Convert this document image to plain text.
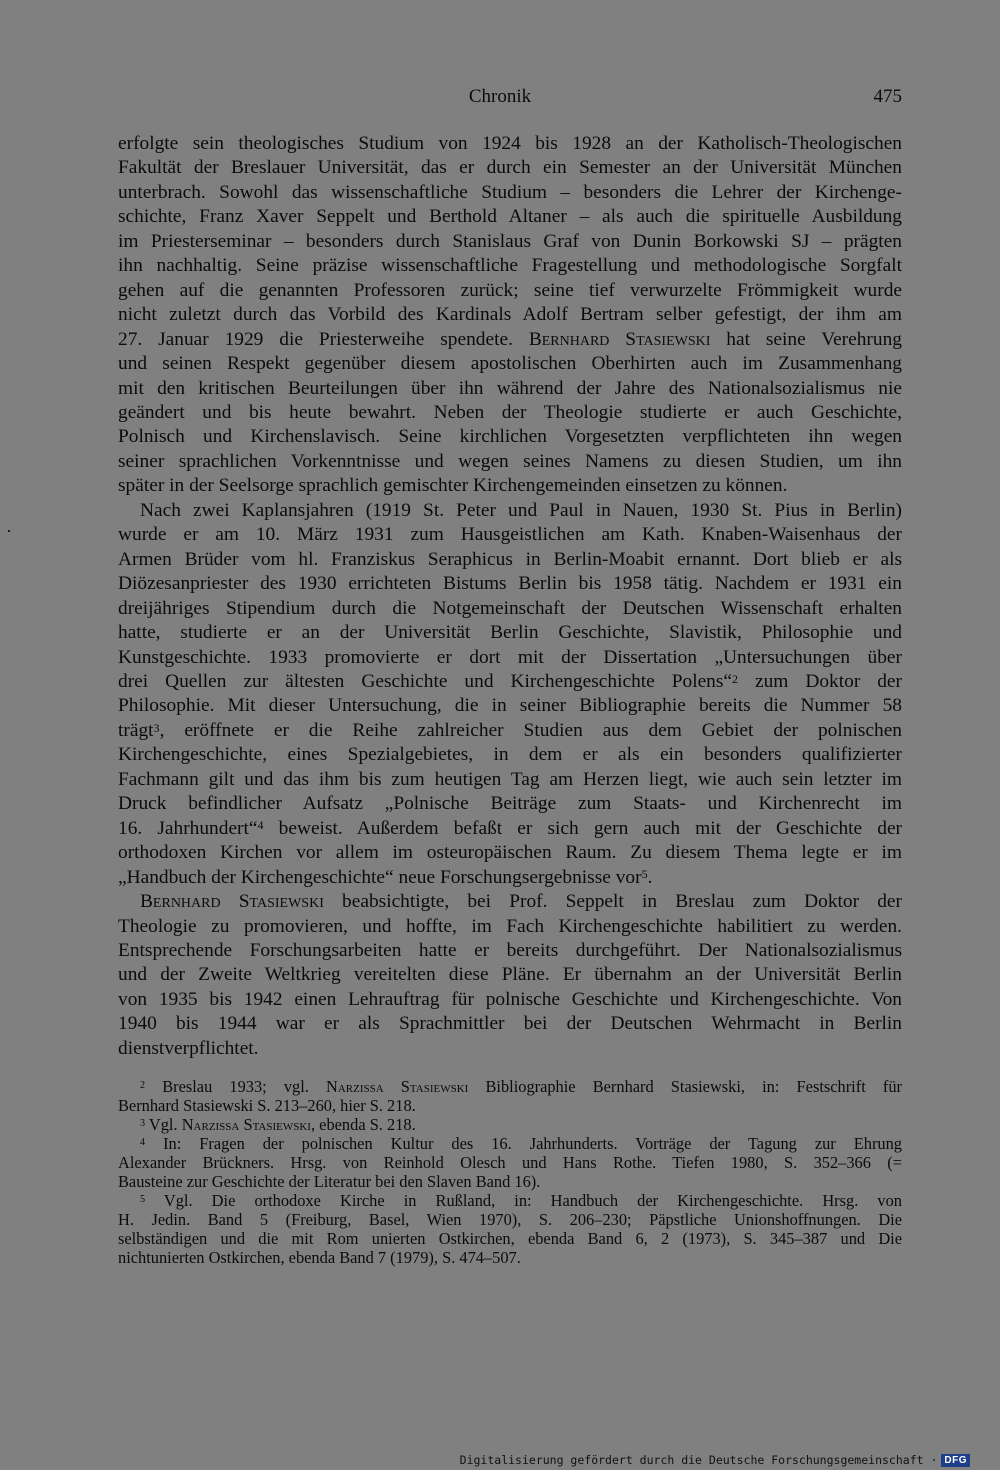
Chronik	475
erfolgte sein theologisches Studium von 1924 bis 1928 an der Katholisch-Theologischen
Fakultät der Breslauer Universität, das er durch ein Semester an der Universität München
unterbrach. Sowohl das wissenschaftliche Studium – besonders die Lehrer der Kirchenge-
schichte, Franz Xaver Seppelt und Berthold Altaner – als auch die spirituelle Ausbildung
im Priesterseminar – besonders durch Stanislaus Graf von Dunin Borkowski SJ – prägten
ihn nachhaltig. Seine präzise wissenschaftliche Fragestellung und methodologische Sorgfalt
gehen auf die genannten Professoren zurück; seine tief verwurzelte Frömmigkeit wurde
nicht zuletzt durch das Vorbild des Kardinals Adolf Bertram selber gefestigt, der ihm am
27. Januar 1929 die Priesterweihe spendete. Bernhard Stasiewski hat seine Verehrung
und seinen Respekt gegenüber diesem apostolischen Oberhirten auch im Zusammenhang
mit den kritischen Beurteilungen über ihn während der Jahre des Nationalsozialismus nie
geändert und bis heute bewahrt. Neben der Theologie studierte er auch Geschichte,
Polnisch und Kirchenslavisch. Seine kirchlichen Vorgesetzten verpflichteten ihn wegen
seiner sprachlichen Vorkenntnisse und wegen seines Namens zu diesen Studien, um ihn
später in der Seelsorge sprachlich gemischter Kirchengemeinden einsetzen zu können.
Nach zwei Kaplansjahren (1919 St. Peter und Paul in Nauen, 1930 St. Pius in Berlin)
wurde er am 10. März 1931 zum Hausgeistlichen am Kath. Knaben-Waisenhaus der
Armen Brüder vom hl. Franziskus Seraphicus in Berlin-Moabit ernannt. Dort blieb er als
Diözesanpriester des 1930 errichteten Bistums Berlin bis 1958 tätig. Nachdem er 1931 ein
dreijähriges Stipendium durch die Notgemeinschaft der Deutschen Wissenschaft erhalten
hatte, studierte er an der Universität Berlin Geschichte, Slavistik, Philosophie und
Kunstgeschichte. 1933 promovierte er dort mit der Dissertation „Untersuchungen über
drei Quellen zur ältesten Geschichte und Kirchengeschichte Polens“$^2$ zum Doktor der
Philosophie. Mit dieser Untersuchung, die in seiner Bibliographie bereits die Nummer 58
trägt$^3$, eröffnete er die Reihe zahlreicher Studien aus dem Gebiet der polnischen
Kirchengeschichte, eines Spezialgebietes, in dem er als ein besonders qualifizierter
Fachmann gilt und das ihm bis zum heutigen Tag am Herzen liegt, wie auch sein letzter im
Druck befindlicher Aufsatz „Polnische Beiträge zum Staats- und Kirchenrecht im
16. Jahrhundert“$^4$ beweist. Außerdem befaßt er sich gern auch mit der Geschichte der
orthodoxen Kirchen vor allem im osteuropäischen Raum. Zu diesem Thema legte er im
„Handbuch der Kirchengeschichte“ neue Forschungsergebnisse vor$^5$.
Bernhard Stasiewski beabsichtigte, bei Prof. Seppelt in Breslau zum Doktor der
Theologie zu promovieren, und hoffte, im Fach Kirchengeschichte habilitiert zu werden.
Entsprechende Forschungsarbeiten hatte er bereits durchgeführt. Der Nationalsozialismus
und der Zweite Weltkrieg vereitelten diese Pläne. Er übernahm an der Universität Berlin
von 1935 bis 1942 einen Lehrauftrag für polnische Geschichte und Kirchengeschichte. Von
1940 bis 1944 war er als Sprachmittler bei der Deutschen Wehrmacht in Berlin
dienstverpflichtet.
$^2$ Breslau 1933; vgl. Narzissa Stasiewski Bibliographie Bernhard Stasiewski, in: Festschrift für
Bernhard Stasiewski S. 213–260, hier S. 218.
$^3$ Vgl. Narzissa Stasiewski, ebenda S. 218.
$^4$ In: Fragen der polnischen Kultur des 16. Jahrhunderts. Vorträge der Tagung zur Ehrung
Alexander Brückners. Hrsg. von Reinhold Olesch und Hans Rothe. Tiefen 1980, S. 352–366 (=
Bausteine zur Geschichte der Literatur bei den Slaven Band 16).
$^5$ Vgl. Die orthodoxe Kirche in Rußland, in: Handbuch der Kirchengeschichte. Hrsg. von
H. Jedin. Band 5 (Freiburg, Basel, Wien 1970), S. 206–230; Päpstliche Unionshoffnungen. Die
selbständigen und die mit Rom unierten Ostkirchen, ebenda Band 6, 2 (1973), S. 345–387 und Die
nichtunierten Ostkirchen, ebenda Band 7 (1979), S. 474–507.
Digitalisierung gefördert durch die Deutsche Forschungsgemeinschaft · DFG
